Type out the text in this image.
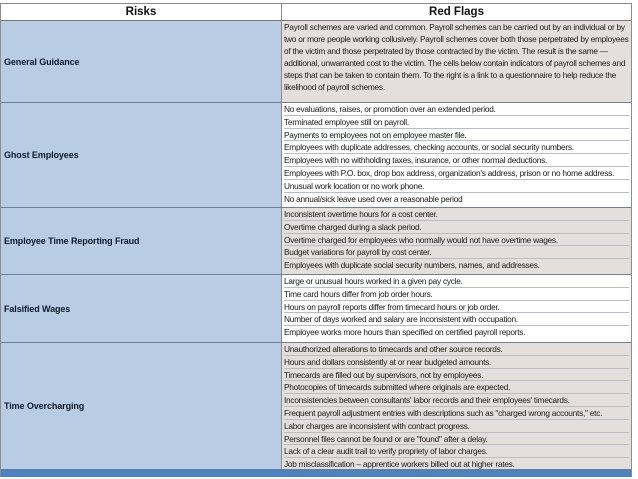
Risks	Red Flags
General Guidance
Payroll schemes are varied and common. Payroll schemes can be carried out by an individual or by two or more people working collusively. Payroll schemes cover both those perpetrated by employees of the victim and those perpetrated by those contracted by the victim. The result is the same — additional, unwarranted cost to the victim. The cells below contain indicators of payroll schemes and steps that can be taken to contain them. To the right is a link to a questionnaire to help reduce the likelihood of payroll schemes.
Ghost Employees
No evaluations, raises, or promotion over an extended period.
Terminated employee still on payroll.
Payments to employees not on employee master file.
Employees with duplicate addresses, checking accounts, or social security numbers.
Employees with no withholding taxes, insurance, or other normal deductions.
Employees with P.O. box, drop box address, organization's address, prison or no home address.
Unusual work location or no work phone.
No annual/sick leave used over a reasonable period
Employee Time Reporting Fraud
Inconsistent overtime hours for a cost center.
Overtime charged during a slack period.
Overtime charged for employees who normally would not have overtime wages.
Budget variations for payroll by cost center.
Employees with duplicate social security numbers, names, and addresses.
Falsified Wages
Large or unusual hours worked in a given pay cycle.
Time card hours differ from job order hours.
Hours on payroll reports differ from timecard hours or job order.
Number of days worked and salary are inconsistent with occupation.
Employee works more hours than specified on certified payroll reports.
Time Overcharging
Unauthorized alterations to timecards and other source records.
Hours and dollars consistently at or near budgeted amounts.
Timecards are filled out by supervisors, not by employees.
Photocopies of timecards submitted where originals are expected.
Inconsistencies between consultants' labor records and their employees' timecards.
Frequent payroll adjustment entries with descriptions such as "charged wrong accounts," etc.
Labor charges are inconsistent with contract progress.
Personnel files cannot be found or are "found" after a delay.
Lack of a clear audit trail to verify propriety of labor charges.
Job misclassification – apprentice workers billed out at higher rates.
